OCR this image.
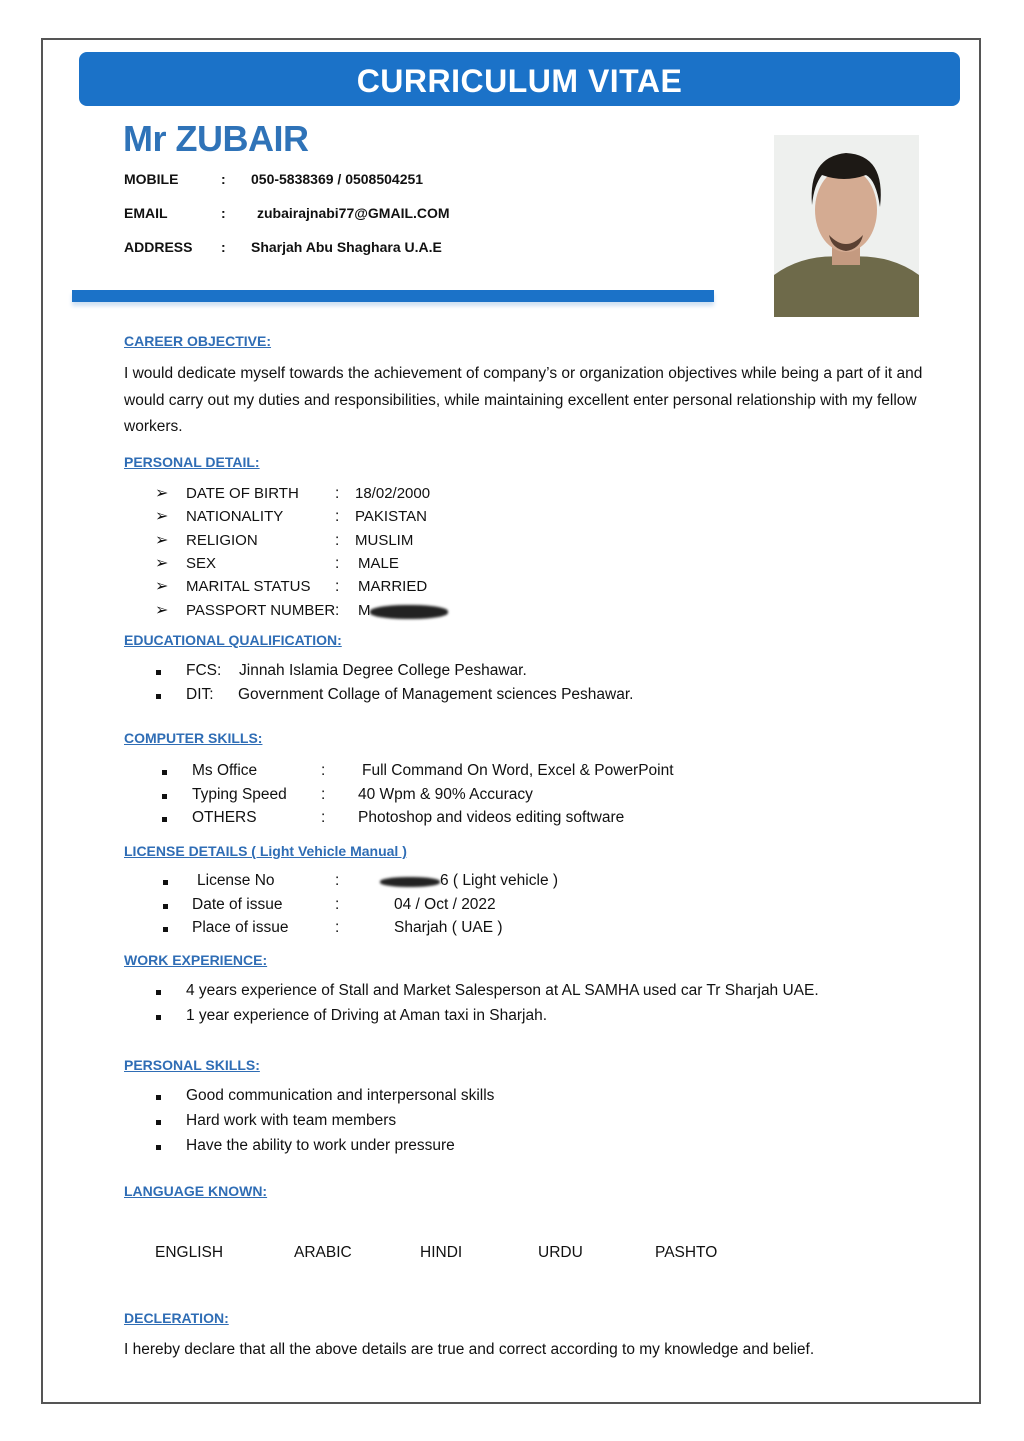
CURRICULUM VITAE
Mr ZUBAIR
MOBILE	: 050-5838369 / 0508504251
EMAIL	: zubairajnabi77@GMAIL.COM
ADDRESS : Sharjah Abu Shaghara U.A.E
CAREER OBJECTIVE:
I would dedicate myself towards the achievement of company’s or organization objectives while being a part of it and would carry out my duties and responsibilities, while maintaining excellent enter personal relationship with my fellow workers.
PERSONAL DETAIL:
EDUCATIONAL QUALIFICATION:
COMPUTER SKILLS:
LICENSE DETAILS ( Light Vehicle Manual )
WORK EXPERIENCE:
PERSONAL SKILLS:
LANGUAGE KNOWN:
DECLERATION:
I hereby declare that all the above details are true and correct according to my knowledge and belief.
➢ DATE OF BIRTH : 18/02/2000
➢ NATIONALITY	: PAKISTAN
➢ RELIGION	: MUSLIM
➢ SEX	: MALE
➢ MARITAL STATUS : MARRIED
➢ PASSPORT NUMBER : M
FCS: Jinnah Islamia Degree College Peshawar.
DIT: Government Collage of Management sciences Peshawar.
Ms Office	: Full Command On Word, Excel & PowerPoint
Typing Speed : 40 Wpm & 90% Accuracy
OTHERS	: Photoshop and videos editing software
License No	:	6 ( Light vehicle )
Date of issue	:	04 / Oct / 2022
Place of issue	:	Sharjah ( UAE )
4 years experience of Stall and Market Salesperson at AL SAMHA used car Tr Sharjah UAE.
1 year experience of Driving at Aman taxi in Sharjah.
Good communication and interpersonal skills
Hard work with team members
Have the ability to work under pressure
ENGLISH	ARABIC	HINDI	URDU	PASHTO
